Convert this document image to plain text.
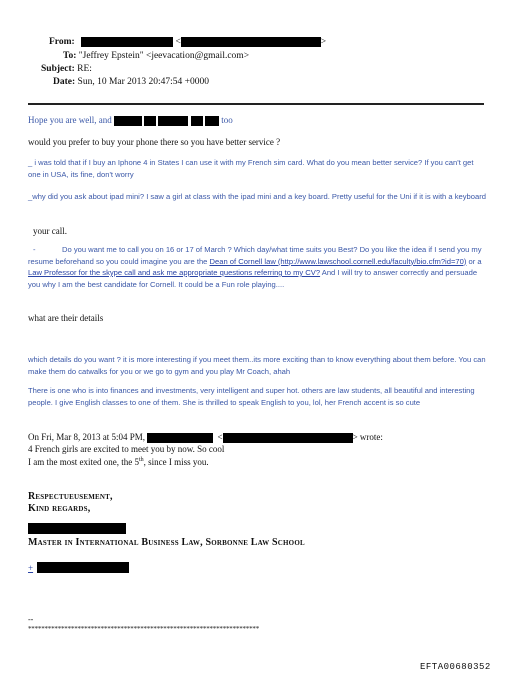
From:	<	>
To: "Jeffrey Epstein" <jeevacation@gmail.com>
Subject: RE:
Date: Sun, 10 Mar 2013 20:47:54 +0000
Hope you are well, and	too
would you prefer to buy your phone there so you have better service ?
_ i was told that if I buy an Iphone 4 in States I can use it with my French sim card. What do you mean better service? If you can't get one in USA, its fine, don't worry
_why did you ask about ipad mini? I saw a girl at class with the ipad mini and a key board. Pretty useful for the Uni if it is with a keyboard
your call.
-	Do you want me to call you on 16 or 17 of March ? Which day/what time suits you Best? Do you like the idea if I send you my resume beforehand so you could imagine you are the Dean of Cornell law (http://www.lawschool.cornell.edu/faculty/bio.cfm?id=70) or a Law Professor for the skype call and ask me appropriate questions referring to my CV? And I will try to answer correctly and persuade you why I am the best candidate for Cornell. It could be a Fun role playing....
what are their details
which details do you want ? it is more interesting if you meet them..its more exciting than to know everything about them before. You can make them do catwalks for you or we go to gym and you play Mr Coach, ahah
There is one who is into finances and investments, very intelligent and super hot. others are law students, all beautiful and interesting people. I give English classes to one of them. She is thrilled to speak English to you, lol, her French accent is so cute
On Fri, Mar 8, 2013 at 5:04 PM,	<	> wrote:
4 French girls are excited to meet you by now. So cool
I am the most exited one, the 5th, since I miss you.
Respectueusement,
Kind regards,
Master in International Business Law, Sorbonne Law School
+
--
**********************************************************************
EFTA00680352
